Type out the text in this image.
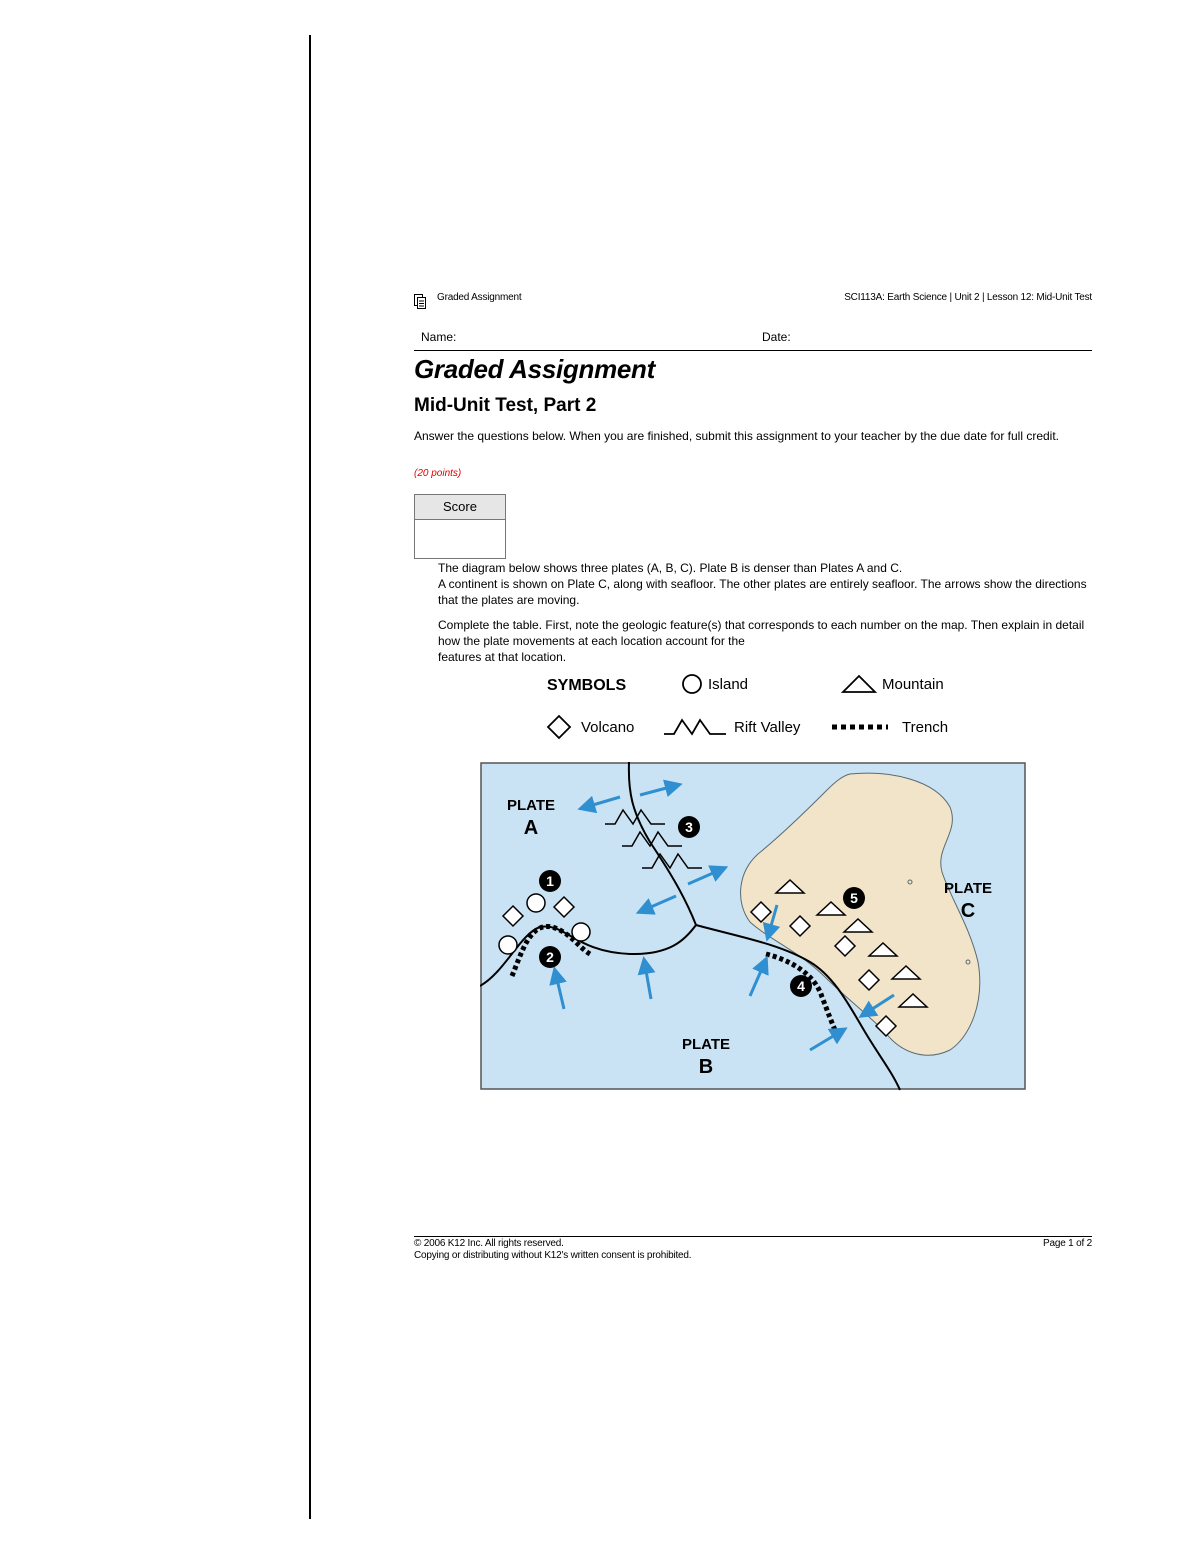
Graded Assignment	SCI113A: Earth Science | Unit 2 | Lesson 12: Mid-Unit Test
Name:	Date:
Graded Assignment
Mid-Unit Test, Part 2
Answer the questions below. When you are finished, submit this assignment to your teacher by the due date for full credit.
(20 points)
Score
The diagram below shows three plates (A, B, C). Plate B is denser than Plates A and C.
A continent is shown on Plate C, along with seafloor. The other plates are entirely seafloor. The arrows show the directions that the plates are moving.
Complete the table. First, note the geologic feature(s) that corresponds to each number on the map. Then explain in detail how the plate movements at each location account for the
features at that location.
SYMBOLS	Island	Mountain
Volcano	Rift Valley	Trench
1
2
3
4
5
PLATE
A
PLATE
B
PLATE
C
© 2006 K12 Inc. All rights reserved.
Copying or distributing without K12's written consent is prohibited.
Page 1 of 2
